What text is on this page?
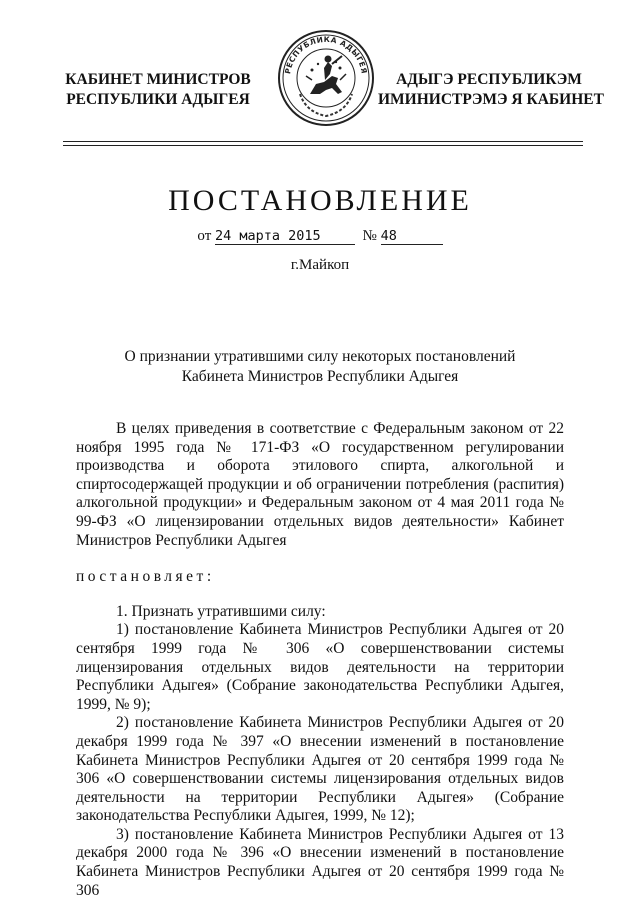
КАБИНЕТ МИНИСТРОВ
РЕСПУБЛИКИ АДЫГЕЯ
РЕСПУБЛИКА АДЫГЕЯ
АДЫГЭ РЕСПУБЛИКЭМ
ИМИНИСТРЭМЭ Я КАБИНЕТ
ПОСТАНОВЛЕНИЕ
от 24 марта 2015	№ 48
г.Майкоп
О признании утратившими силу некоторых постановлений
Кабинета Министров Республики Адыгея

В целях приведения в соответствие с Федеральным законом от 22 ноября 1995 года № 171-ФЗ «О государственном регулировании производства и оборота этилового спирта, алкогольной и спиртосодержащей продукции и об ограничении потребления (распития) алкогольной продукции» и Федеральным законом от 4 мая 2011 года № 99-ФЗ «О лицензировании отдельных видов деятельности» Кабинет Министров Республики Адыгея

постановляет:

1. Признать утратившими силу:

1) постановление Кабинета Министров Республики Адыгея от 20 сентября 1999 года № 306 «О совершенствовании системы лицензирования отдельных видов деятельности на территории Республики Адыгея» (Собрание законодательства Республики Адыгея, 1999, № 9);

2) постановление Кабинета Министров Республики Адыгея от 20 декабря 1999 года № 397 «О внесении изменений в постановление Кабинета Министров Республики Адыгея от 20 сентября 1999 года № 306 «О совершенствовании системы лицензирования отдельных видов деятельности на территории Республики Адыгея» (Собрание законодательства Республики Адыгея, 1999, № 12);

3) постановление Кабинета Министров Республики Адыгея от 13 декабря 2000 года № 396 «О внесении изменений в постановление Кабинета Министров Республики Адыгея от 20 сентября 1999 года № 306
